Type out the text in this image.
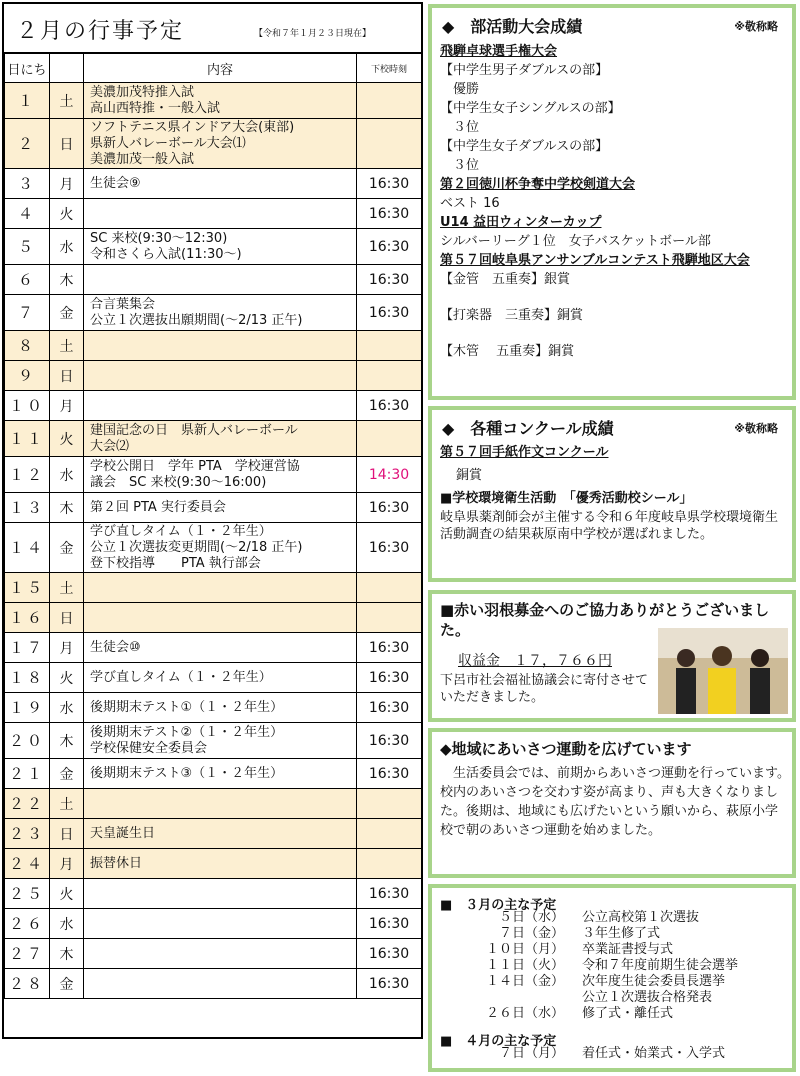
２月の行事予定	【令和７年１月２３日現在】
日にち		内容	下校時刻
１	土	美濃加茂特推入試
高山西特推・一般入試	

２	日	ソフトテニス県インドア大会(東部)
県新人バレーボール大会⑴
美濃加茂一般入試	

３	月	生徒会⑨	16:30
４	火		16:30
５	水	SC 来校(9:30～12:30)
令和さくら入試(11:30～)	16:30
６	木		16:30
７	金	合言葉集会
公立１次選抜出願期間(～2/13 正午)	16:30
８	土	

９	日	

１０	月		16:30
１１	火	建国記念の日　県新人バレーボール
大会⑵	

１２	水	学校公開日　学年 PTA　学校運営協
議会　SC 来校(9:30～16:00)	14:30
１３	木	第２回 PTA 実行委員会	16:30
１４	金	学び直しタイム（１・２年生）
公立１次選抜変更期間(～2/18 正午)
登下校指導　　PTA 執行部会	16:30
１５	土	

１６	日	

１７	月	生徒会⑩	16:30
１８	火	学び直しタイム（１・２年生）	16:30
１９	水	後期期末テスト①（１・２年生）	16:30
２０	木	後期期末テスト②（１・２年生）
学校保健安全委員会	16:30
２１	金	後期期末テスト③（１・２年生）	16:30
２２	土	

２３	日	天皇誕生日	

２４	月	振替休日	

２５	火		16:30
２６	水		16:30
２７	木		16:30
２８	金		16:30
◆　部活動大会成績	※敬称略

飛騨卓球選手権大会

【中学生男子ダブルスの部】

　優勝

【中学生女子シングルスの部】

　３位

【中学生女子ダブルスの部】

　３位

第２回徳川杯争奪中学校剣道大会

ベスト 16

U14 益田ウィンターカップ

シルバーリーグ１位　女子バスケットボール部

第５７回岐阜県アンサンブルコンテスト飛騨地区大会

【金管　五重奏】銀賞

【打楽器　三重奏】銅賞

【木管　 五重奏】銅賞

◆　各種コンクール成績	※敬称略

第５７回手紙作文コンクール

銅賞

■学校環境衛生活動　「優秀活動校シール」

岐阜県薬剤師会が主催する令和６年度岐阜県学校環境衛生活動調査の結果萩原南中学校が選ばれました。

■赤い羽根募金へのご協力ありがとうございました。
収益金　１７，７６６円
下呂市社会福祉協議会に寄付させていただきました。
◆地域にあいさつ運動を広げています
　生活委員会では、前期からあいさつ運動を行っています。校内のあいさつを交わす姿が高まり、声も大きくなりました。後期は、地域にも広げたいという願いから、萩原小学校で朝のあいさつ運動を始めました。
■　３月の主な予定
５日（水）	公立高校第１次選抜
７日（金）	３年生修了式
１０日（月）	卒業証書授与式
１１日（火）	令和７年度前期生徒会選挙
１４日（金）	次年度生徒会委員長選挙
公立１次選抜合格発表
２６日（水）	修了式・離任式
■　４月の主な予定
７日（月）	着任式・始業式・入学式
